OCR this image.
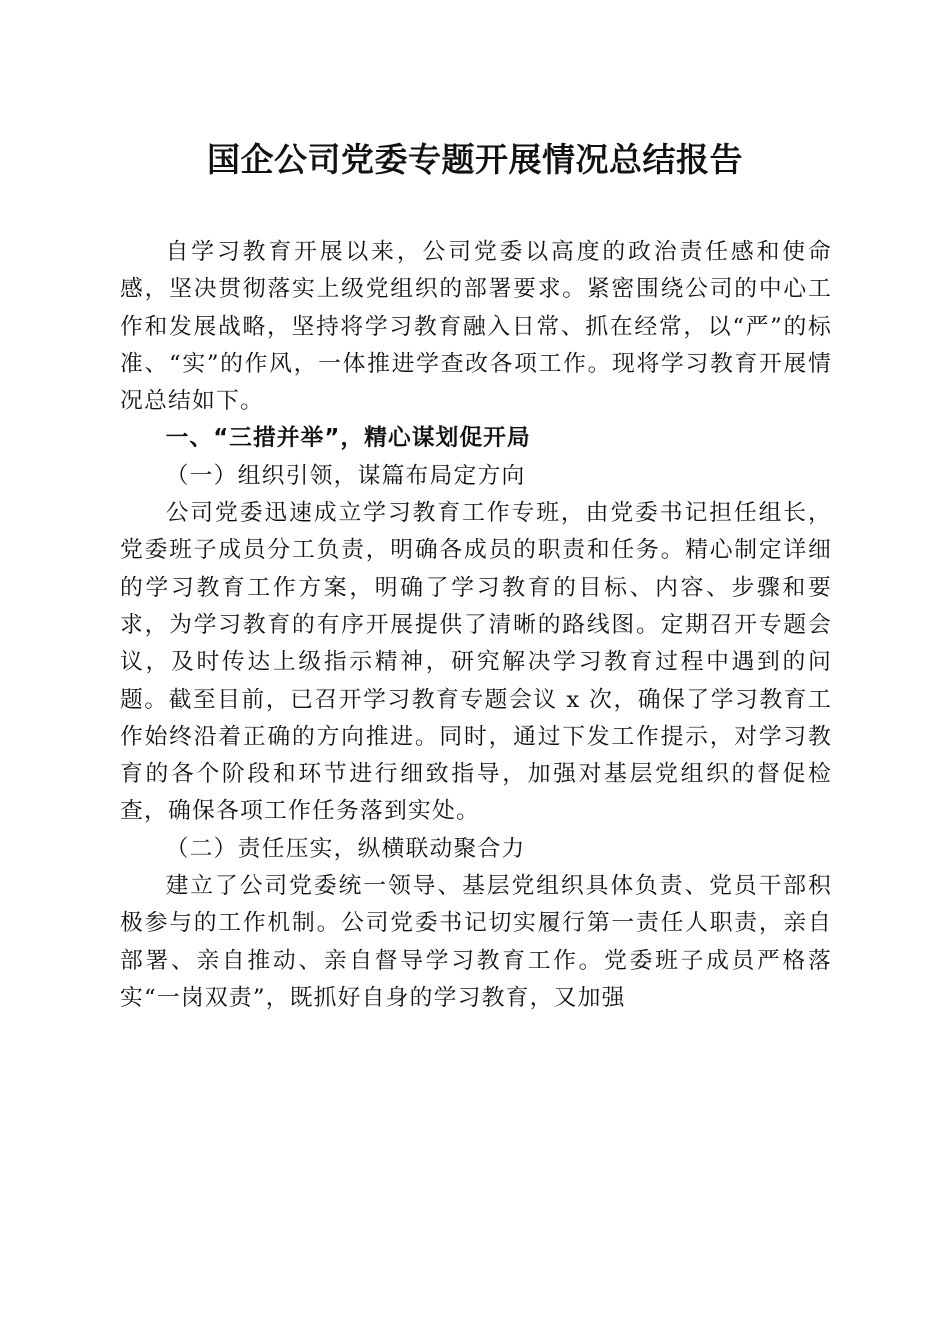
国企公司党委专题开展情况总结报告

自学习教育开展以来，公司党委以高度的政治责任感和使命感，坚决贯彻落实上级党组织的部署要求。紧密围绕公司的中心工作和发展战略，坚持将学习教育融入日常、抓在经常，以“严”的标准、“实”的作风，一体推进学查改各项工作。现将学习教育开展情况总结如下。

一、“三措并举”，精心谋划促开局
（一）组织引领，谋篇布局定方向

公司党委迅速成立学习教育工作专班，由党委书记担任组长，党委班子成员分工负责，明确各成员的职责和任务。精心制定详细的学习教育工作方案，明确了学习教育的目标、内容、步骤和要求，为学习教育的有序开展提供了清晰的路线图。定期召开专题会议，及时传达上级指示精神，研究解决学习教育过程中遇到的问题。截至目前，已召开学习教育专题会议 x 次，确保了学习教育工作始终沿着正确的方向推进。同时，通过下发工作提示，对学习教育的各个阶段和环节进行细致指导，加强对基层党组织的督促检查，确保各项工作任务落到实处。

（二）责任压实，纵横联动聚合力

建立了公司党委统一领导、基层党组织具体负责、党员干部积极参与的工作机制。公司党委书记切实履行第一责任人职责，亲自部署、亲自推动、亲自督导学习教育工作。党委班子成员严格落实“一岗双责”，既抓好自身的学习教育，又加强
